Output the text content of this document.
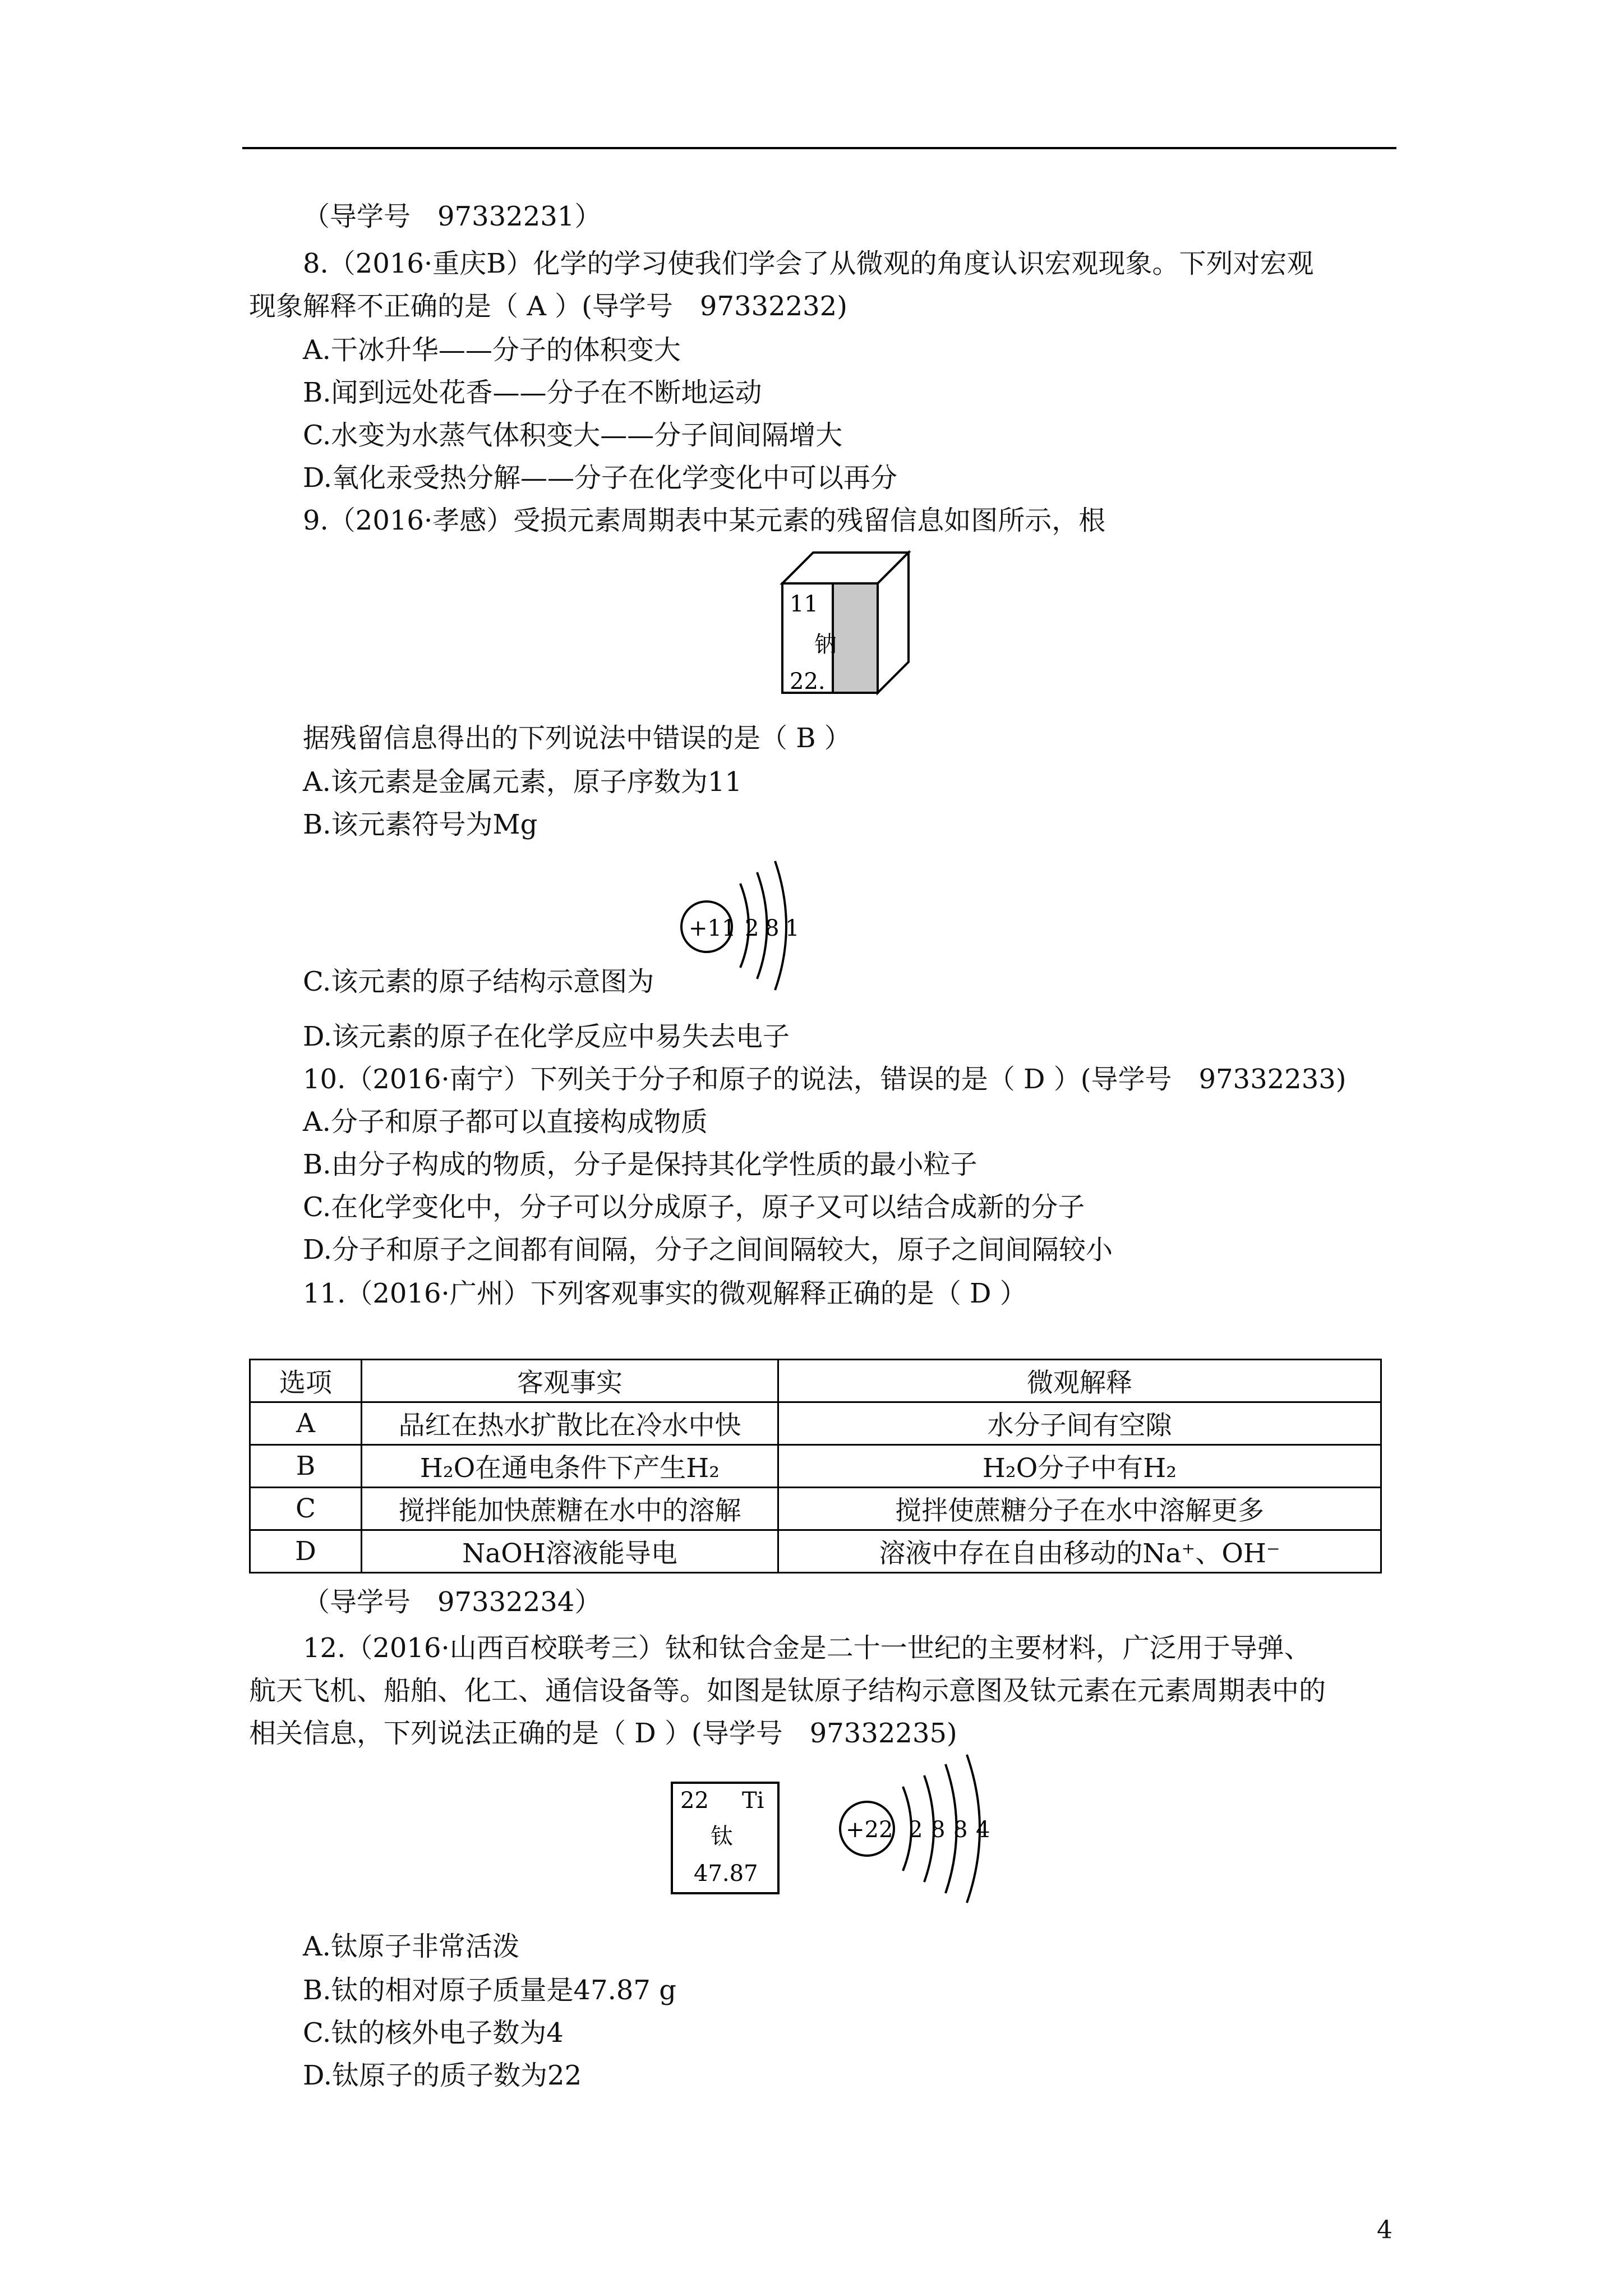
（导学号　97332231）
8.（2016·重庆B）化学的学习使我们学会了从微观的角度认识宏观现象。下列对宏观
现象解释不正确的是（ A ）(导学号　97332232)
A.干冰升华——分子的体积变大
B.闻到远处花香——分子在不断地运动
C.水变为水蒸气体积变大——分子间间隔增大
D.氧化汞受热分解——分子在化学变化中可以再分
9.（2016·孝感）受损元素周期表中某元素的残留信息如图所示，根
11
钠
22.
据残留信息得出的下列说法中错误的是（ B ）
A.该元素是金属元素，原子序数为11
B.该元素符号为Mg
+11 2 8 1
C.该元素的原子结构示意图为
D.该元素的原子在化学反应中易失去电子
10.（2016·南宁）下列关于分子和原子的说法，错误的是（ D ）(导学号　97332233)
A.分子和原子都可以直接构成物质
B.由分子构成的物质，分子是保持其化学性质的最小粒子
C.在化学变化中，分子可以分成原子，原子又可以结合成新的分子
D.分子和原子之间都有间隔，分子之间间隔较大，原子之间间隔较小
11.（2016·广州）下列客观事实的微观解释正确的是（ D ）
选项	客观事实	微观解释
A	品红在热水扩散比在冷水中快	水分子间有空隙
B	H₂O在通电条件下产生H₂	H₂O分子中有H₂
C	搅拌能加快蔗糖在水中的溶解	搅拌使蔗糖分子在水中溶解更多
D	NaOH溶液能导电	溶液中存在自由移动的Na⁺、OH⁻
（导学号　97332234）
12.（2016·山西百校联考三）钛和钛合金是二十一世纪的主要材料，广泛用于导弹、
航天飞机、船舶、化工、通信设备等。如图是钛原子结构示意图及钛元素在元素周期表中的
相关信息，下列说法正确的是（ D ）(导学号　97332235)
22 Ti
钛
47.87
+22 2 8 8 4
A.钛原子非常活泼
B.钛的相对原子质量是47.87 g
C.钛的核外电子数为4
D.钛原子的质子数为22
4
